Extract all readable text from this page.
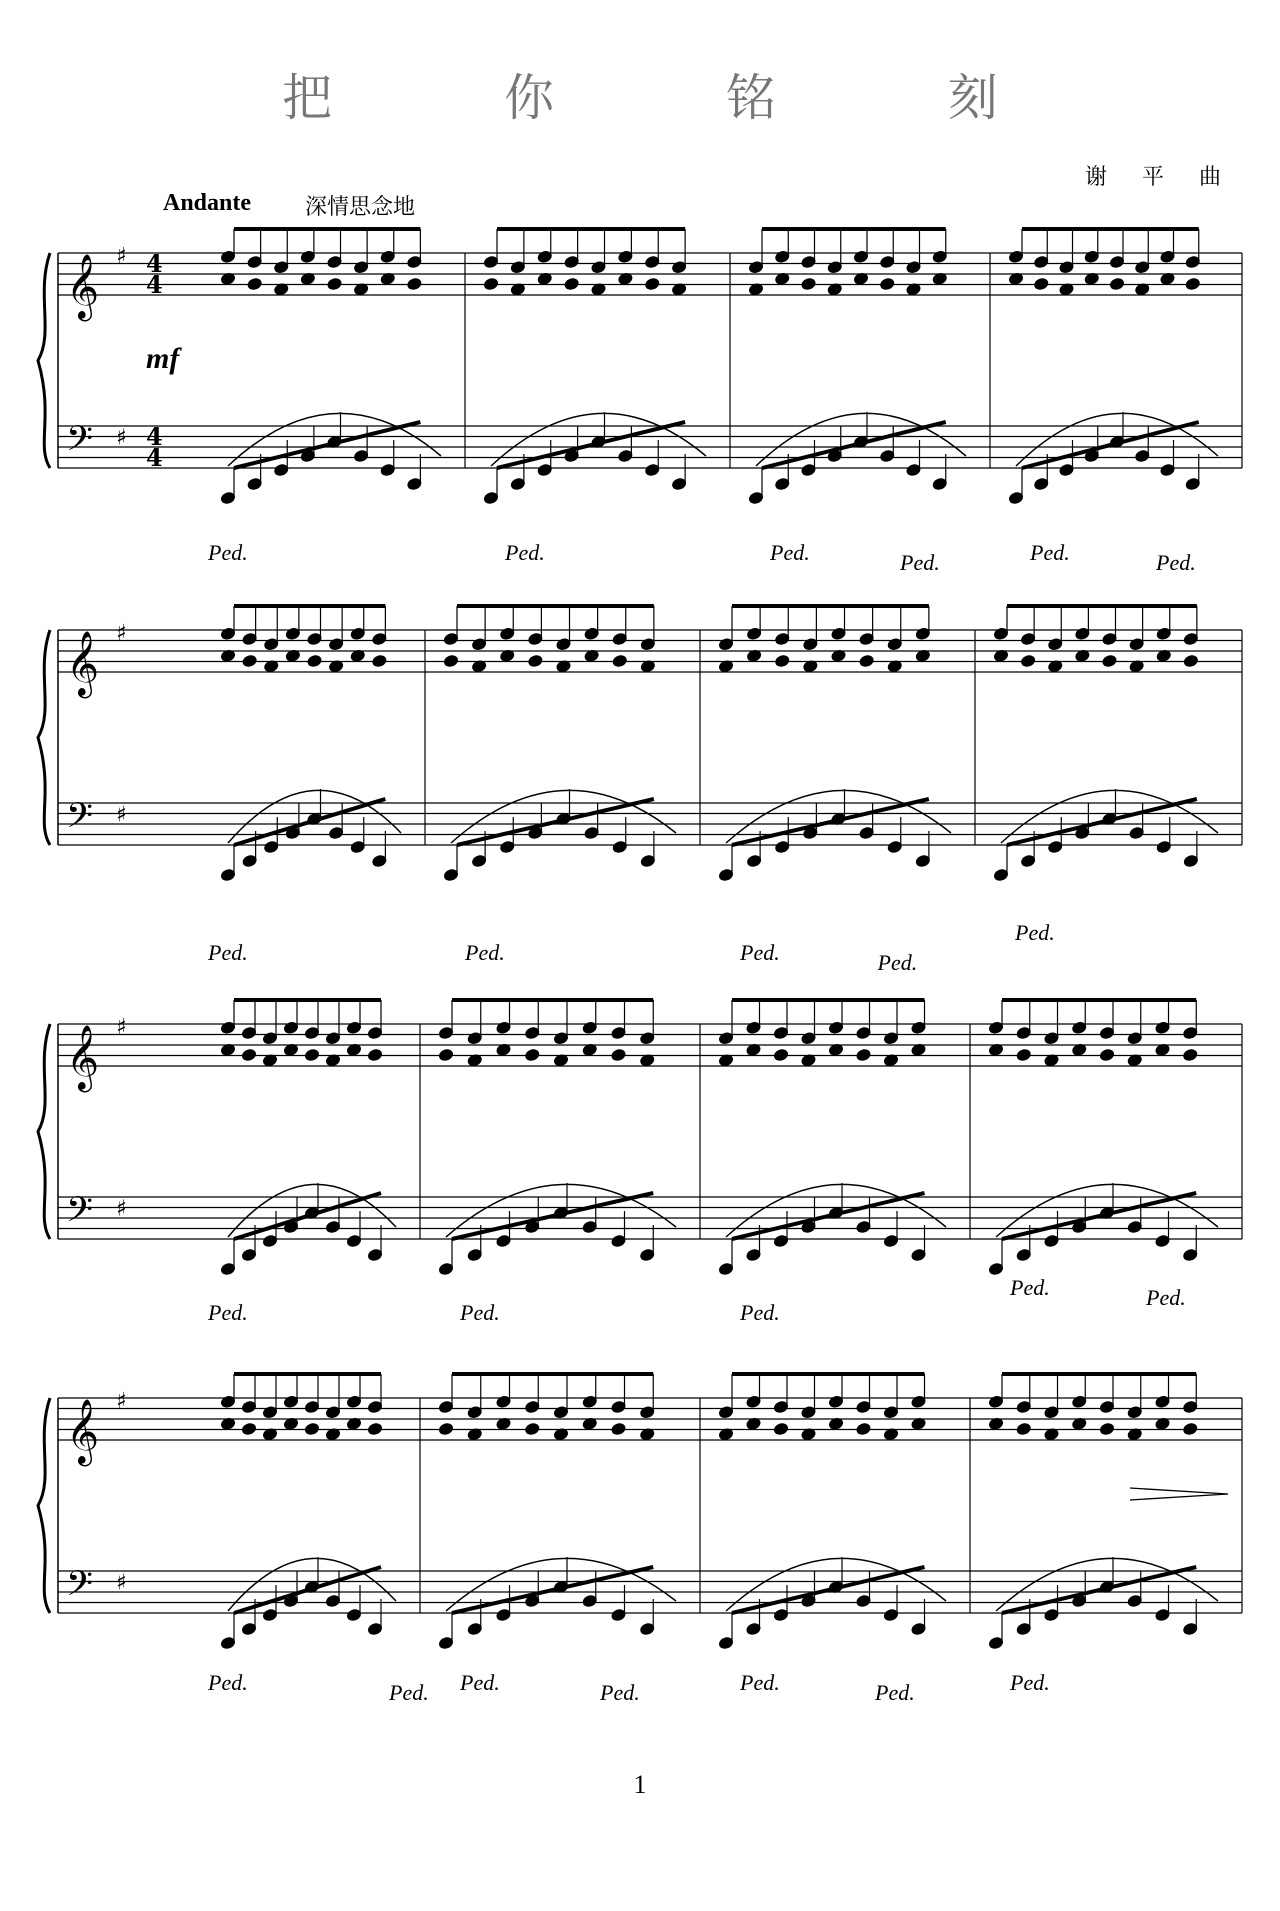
把 你 铭 刻
谢 平 曲
Andante 深情思念地
1
𝄞
𝄢
♯
♯
4
4
4
4
mf
Ped.	Ped.	Ped.	Ped.	Ped.	Ped.
𝄞
𝄢
♯
♯
Ped.	Ped.	Ped.	Ped.
Ped.
𝄞
𝄢
♯
♯
Ped.	Ped.	Ped.
Ped.	Ped.
𝄞
𝄢
♯
♯
Ped.	Ped. Ped.	Ped.	Ped.	Ped.	Ped.
